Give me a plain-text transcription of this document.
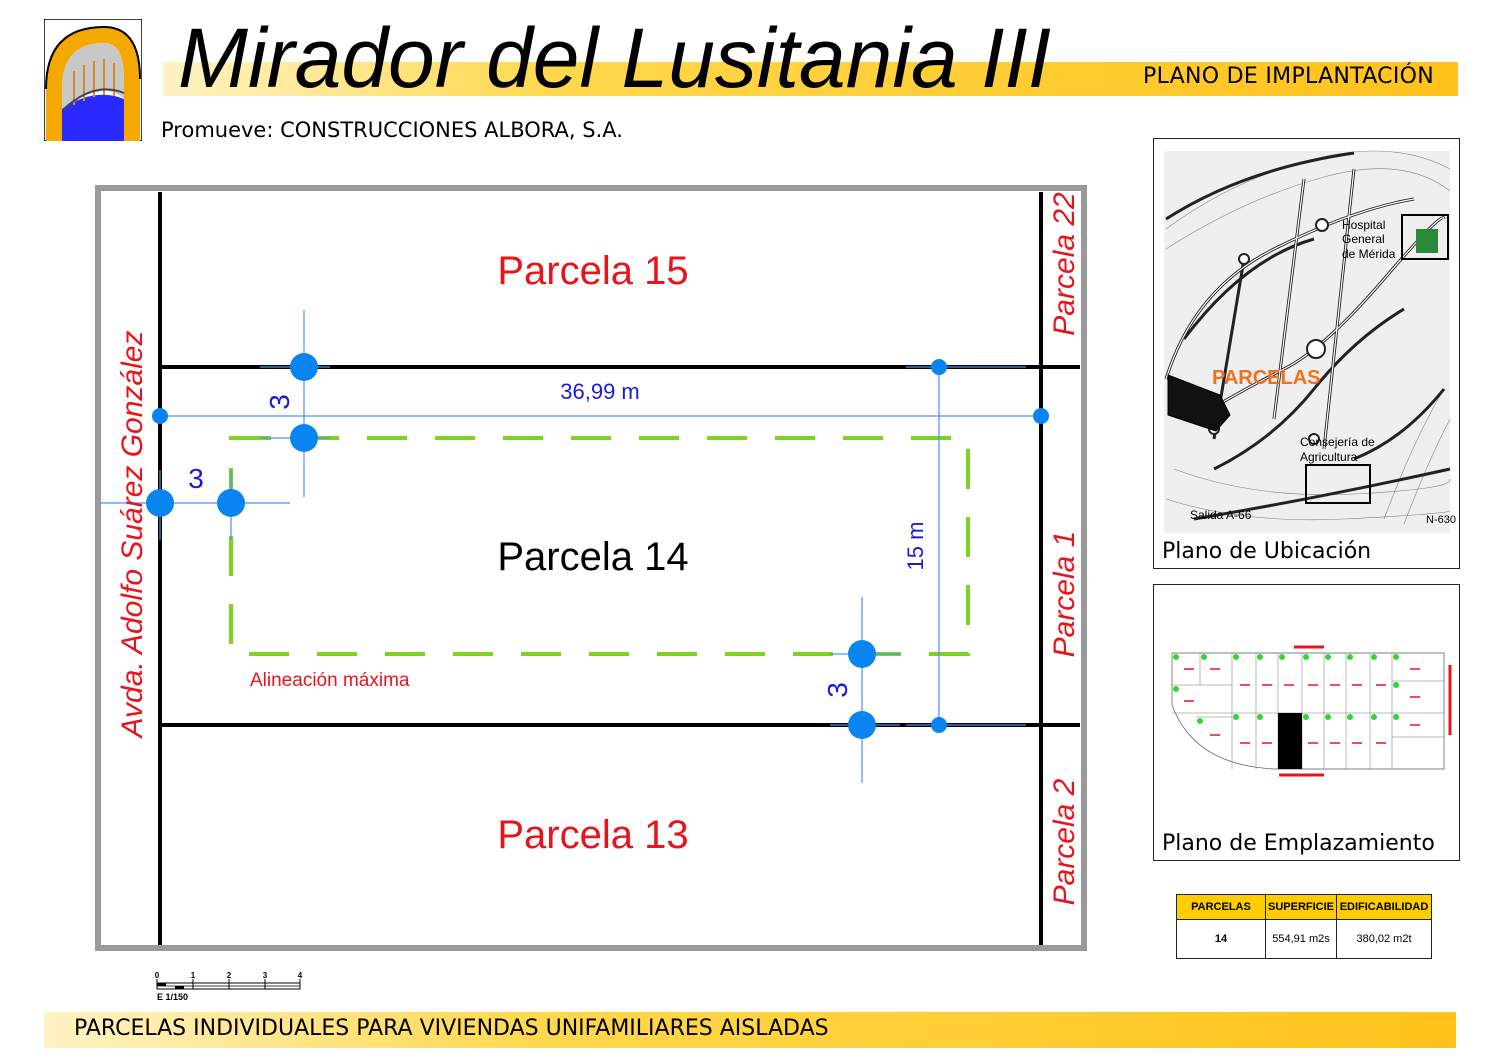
Mirador del Lusitania III	PLANO DE IMPLANTACIÓN
Promueve: CONSTRUCCIONES ALBORA, S.A.
Parcela 15
Parcela 14
Parcela 13
Parcela 22
Parcela 1
Parcela 2
Avda. Adolfo Suárez González	36,99 m
15 m
3
3
3
Alineación máxima
0	1	2	3	4
E 1/150
Hospital
General
de Mérida
PARCELAS
Consejería de
Agricultura
Salida A-66	N-630
Plano de Ubicación
Plano de Emplazamiento
PARCELAS	SUPERFICIE	EDIFICABILIDAD
14	554,91 m2s	380,02 m2t
PARCELAS INDIVIDUALES PARA VIVIENDAS UNIFAMILIARES AISLADAS
